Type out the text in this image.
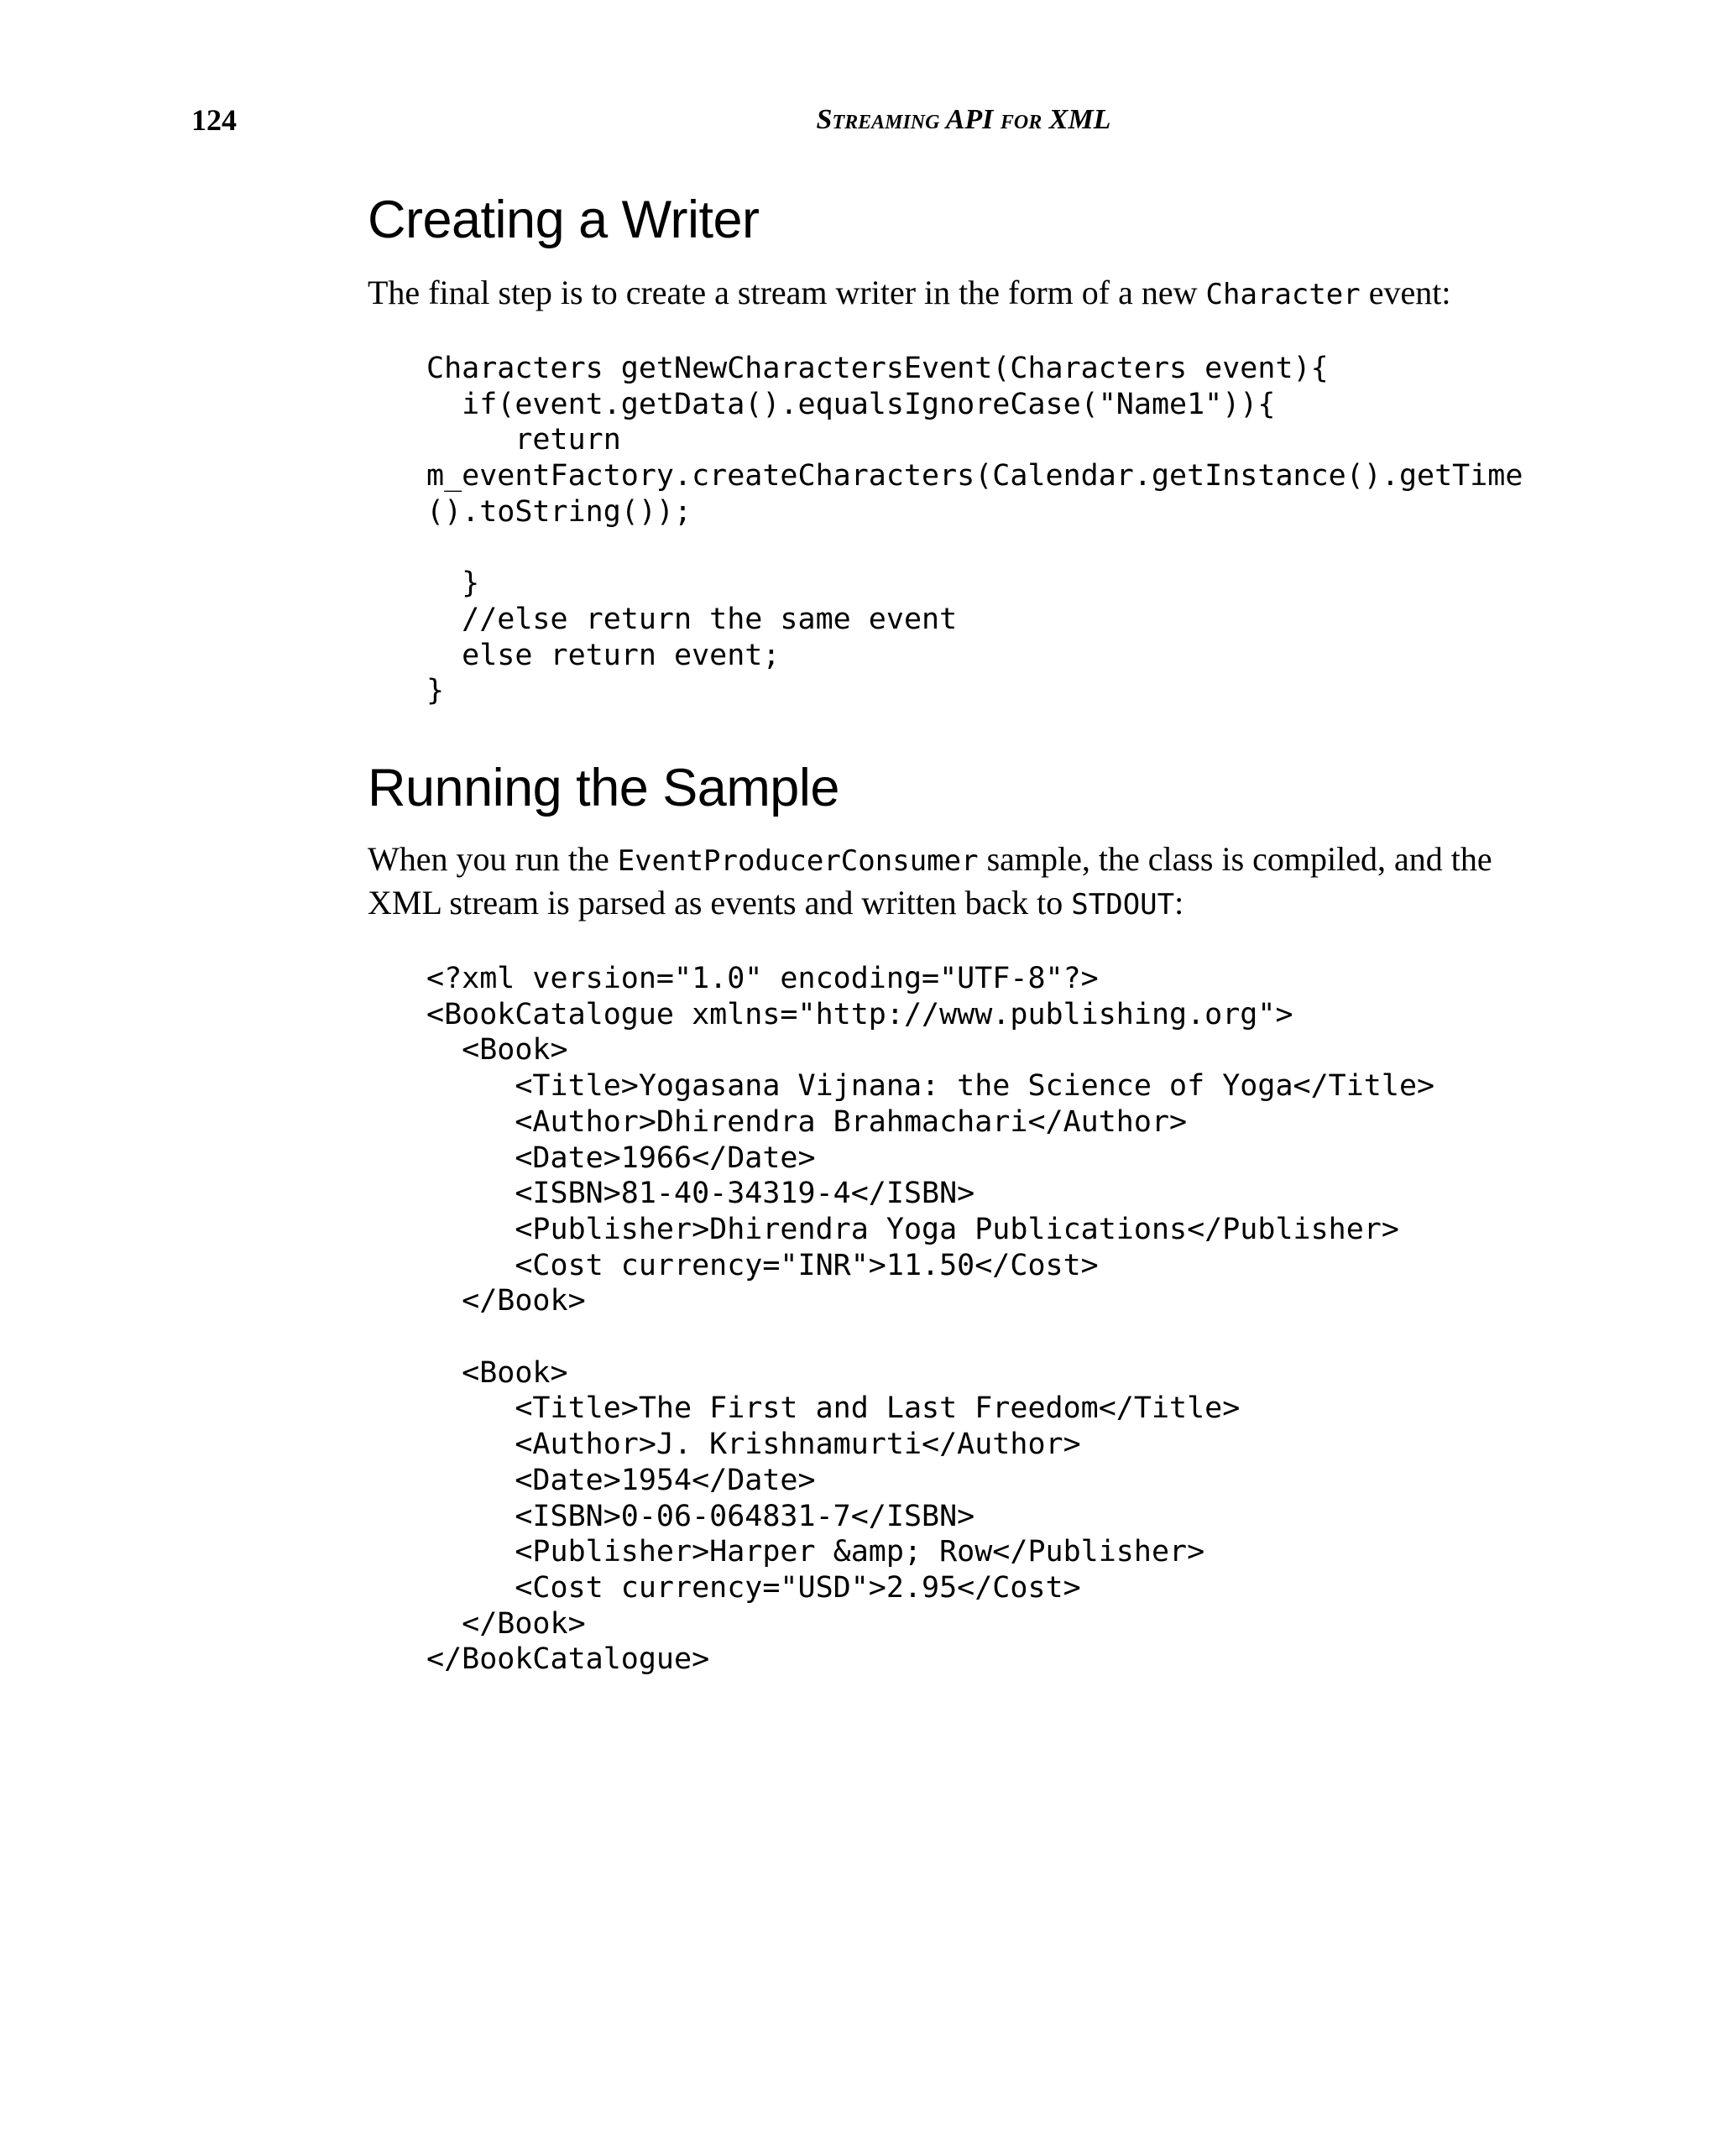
124	Streaming API for XML
Creating a Writer

The final step is to create a stream writer in the form of a new Character event:

Characters getNewCharactersEvent(Characters event){
if(event.getData().equalsIgnoreCase("Name1")){
return
m_eventFactory.createCharacters(Calendar.getInstance().getTime
().toString());

}
//else return the same event
else return event;
}
Running the Sample

When you run the EventProducerConsumer sample, the class is compiled, and the XML stream is parsed as events and written back to STDOUT:

<?xml version="1.0" encoding="UTF-8"?>
<BookCatalogue xmlns="http://www.publishing.org">
<Book>
<Title>Yogasana Vijnana: the Science of Yoga</Title>
<Author>Dhirendra Brahmachari</Author>
<Date>1966</Date>
<ISBN>81-40-34319-4</ISBN>
<Publisher>Dhirendra Yoga Publications</Publisher>
<Cost currency="INR">11.50</Cost>
</Book>

<Book>
<Title>The First and Last Freedom</Title>
<Author>J. Krishnamurti</Author>
<Date>1954</Date>
<ISBN>0-06-064831-7</ISBN>
<Publisher>Harper &amp; Row</Publisher>
<Cost currency="USD">2.95</Cost>
</Book>
</BookCatalogue>
